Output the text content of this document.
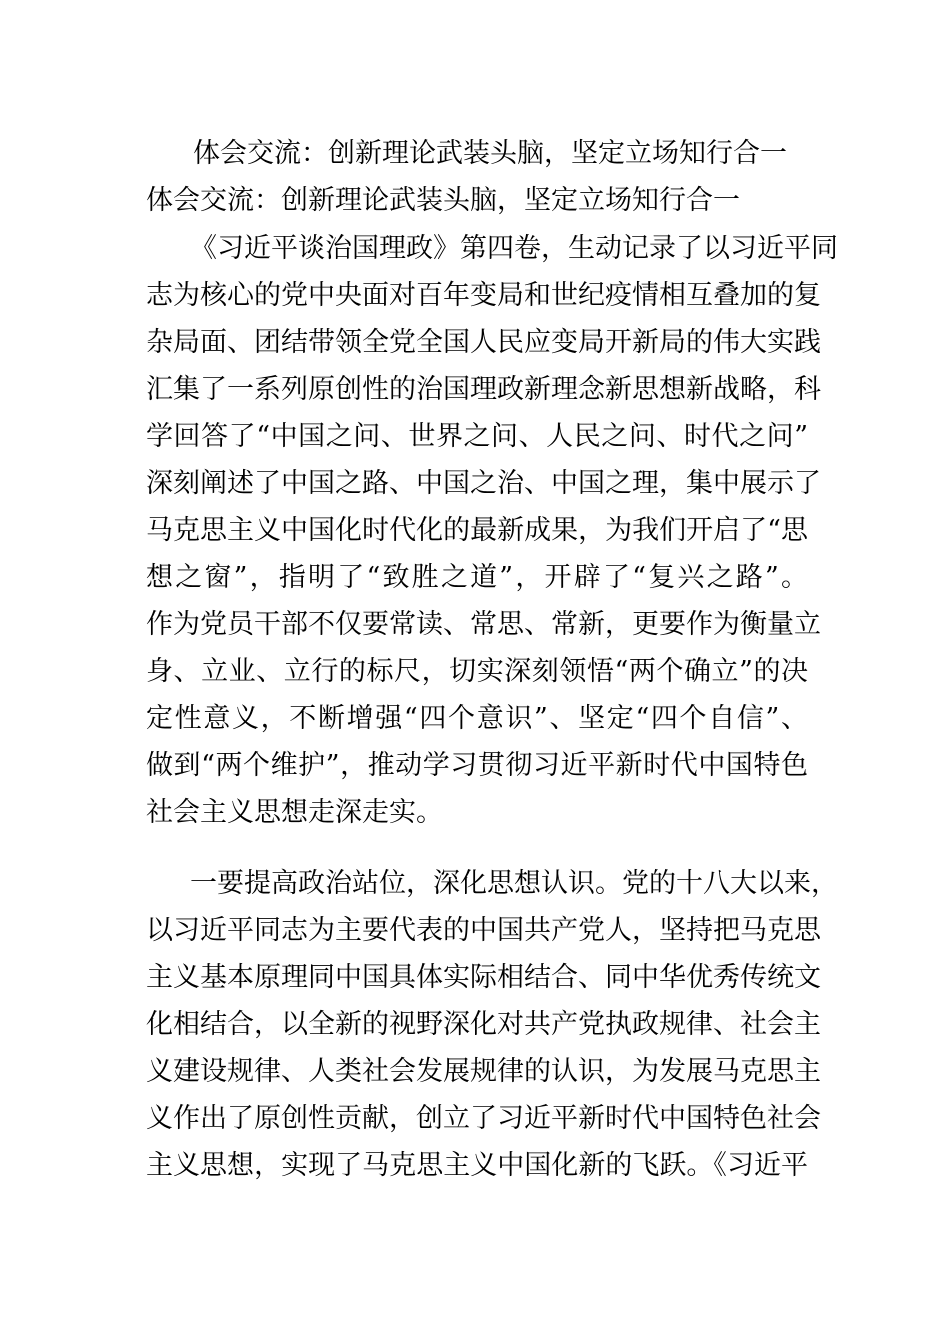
体会交流：创新理论武装头脑，坚定立场知行合一
体会交流：创新理论武装头脑，坚定立场知行合一
《习近平谈治国理政》第四卷，生动记录了以习近平同
志为核心的党中央面对百年变局和世纪疫情相互叠加的复
杂局面、团结带领全党全国人民应变局开新局的伟大实践
汇集了一系列原创性的治国理政新理念新思想新战略，科
学回答了“中国之问、世界之问、人民之问、时代之问”
深刻阐述了中国之路、中国之治、中国之理，集中展示了
马克思主义中国化时代化的最新成果，为我们开启了“思
想之窗”，指明了“致胜之道”，开辟了“复兴之路”。
作为党员干部不仅要常读、常思、常新，更要作为衡量立
身、立业、立行的标尺，切实深刻领悟“两个确立”的决
定性意义，不断增强“四个意识”、坚定“四个自信”、
做到“两个维护”，推动学习贯彻习近平新时代中国特色
社会主义思想走深走实。
一要提高政治站位，深化思想认识。党的十八大以来，
以习近平同志为主要代表的中国共产党人，坚持把马克思
主义基本原理同中国具体实际相结合、同中华优秀传统文
化相结合，以全新的视野深化对共产党执政规律、社会主
义建设规律、人类社会发展规律的认识，为发展马克思主
义作出了原创性贡献，创立了习近平新时代中国特色社会
主义思想，实现了马克思主义中国化新的飞跃。《习近平
